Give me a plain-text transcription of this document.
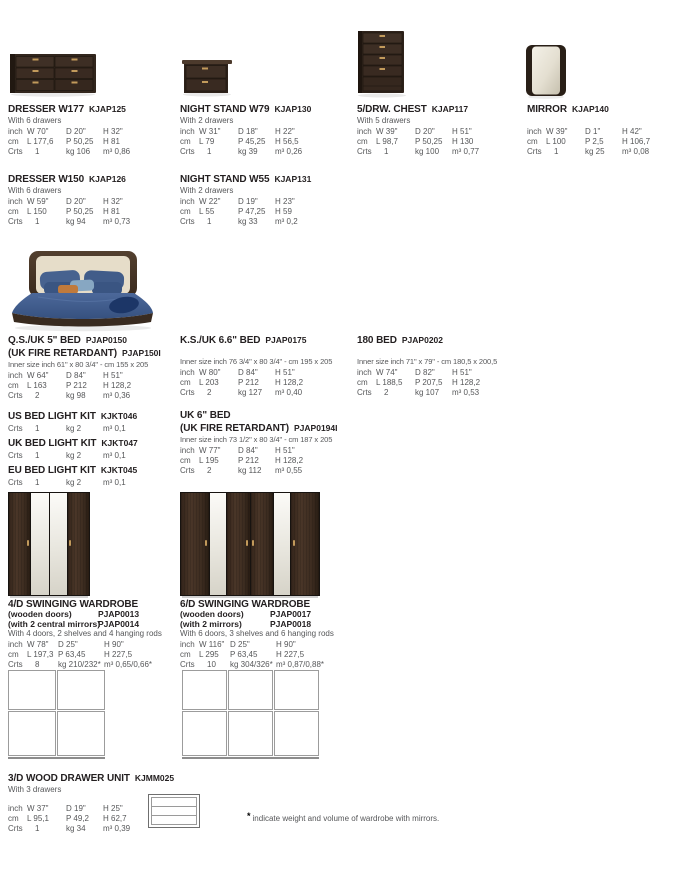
DRESSER W177 KJAP125
With 6 drawers
inch W 70"	D 20"	H 32"
cm	L 177,6	P 50,25	H 81
Crts	1	kg 106	m³ 0,86
NIGHT STAND W79 KJAP130
With 2 drawers
inch W 31"	D 18"	H 22"
cm	L 79	P 45,25	H 56,5
Crts	1	kg 39	m³ 0,26
5/DRW. CHEST KJAP117
With 5 drawers
inch W 39"	D 20"	H 51"
cm	L 98,7	P 50,25	H 130
Crts	1	kg 100	m³ 0,77
MIRROR KJAP140
inch W 39"	D 1"	H 42"
cm	L 100	P 2,5	H 106,7
Crts	1	kg 25	m³ 0,08
DRESSER W150 KJAP126
With 6 drawers
inch W 59"	D 20"	H 32"
cm	L 150	P 50,25	H 81
Crts	1	kg 94	m³ 0,73
NIGHT STAND W55 KJAP131
With 2 drawers
inch W 22"	D 19"	H 23"
cm	L 55	P 47,25	H 59
Crts	1	kg 33	m³ 0,2
Q.S./UK 5" BED PJAP0150
(UK FIRE RETARDANT) PJAP150I
Inner size inch 61" x 80 3/4" - cm 155 x 205
inch W 64"	D 84"	H 51"
cm	L 163	P 212	H 128,2
Crts	2	kg 98	m³ 0,36
K.S./UK 6.6" BED PJAP0175
Inner size inch 76 3/4" x 80 3/4" - cm 195 x 205
inch W 80"	D 84"	H 51"
cm	L 203	P 212	H 128,2
Crts	2	kg 127	m³ 0,40
180 BED PJAP0202
Inner size inch 71" x 79" - cm 180,5 x 200,5
inch W 74"	D 82"	H 51"
cm	L 188,5	P 207,5	H 128,2
Crts	2	kg 107	m³ 0,53
US BED LIGHT KIT KJKT046
Crts	1	kg 2	m³ 0,1
UK BED LIGHT KIT KJKT047
Crts	1	kg 2	m³ 0,1
EU BED LIGHT KIT KJKT045
Crts	1	kg 2	m³ 0,1
UK 6" BED
(UK FIRE RETARDANT) PJAP0194I
Inner size inch 73 1/2" x 80 3/4" - cm 187 x 205
inch W 77"	D 84"	H 51"
cm	L 195	P 212	H 128,2
Crts	2	kg 112	m³ 0,55
4/D SWINGING WARDROBE
(wooden doors)	PJAP0013
(with 2 central mirrors)
PJAP0014
With 4 doors, 2 shelves and 4 hanging rods
inch W 78"	D 25"	H 90"
cm	L 197,3 P 63,45	H 227,5
Crts	8	kg 210/232* m³ 0,65/0,66*
6/D SWINGING WARDROBE
(wooden doors)	PJAP0017
(with 2 mirrors)	PJAP0018
With 6 doors, 3 shelves and 6 hanging rods
inch W 116" D 25"	H 90"
cm	L 295	P 63,45	H 227,5
Crts	10	kg 304/326* m³ 0,87/0,88*
3/D WOOD DRAWER UNIT KJMM025
With 3 drawers
inch W 37"	D 19"	H 25"
cm	L 95,1	P 49,2	H 62,7
Crts	1	kg 34	m³ 0,39
* indicate weight and volume of wardrobe with mirrors.
